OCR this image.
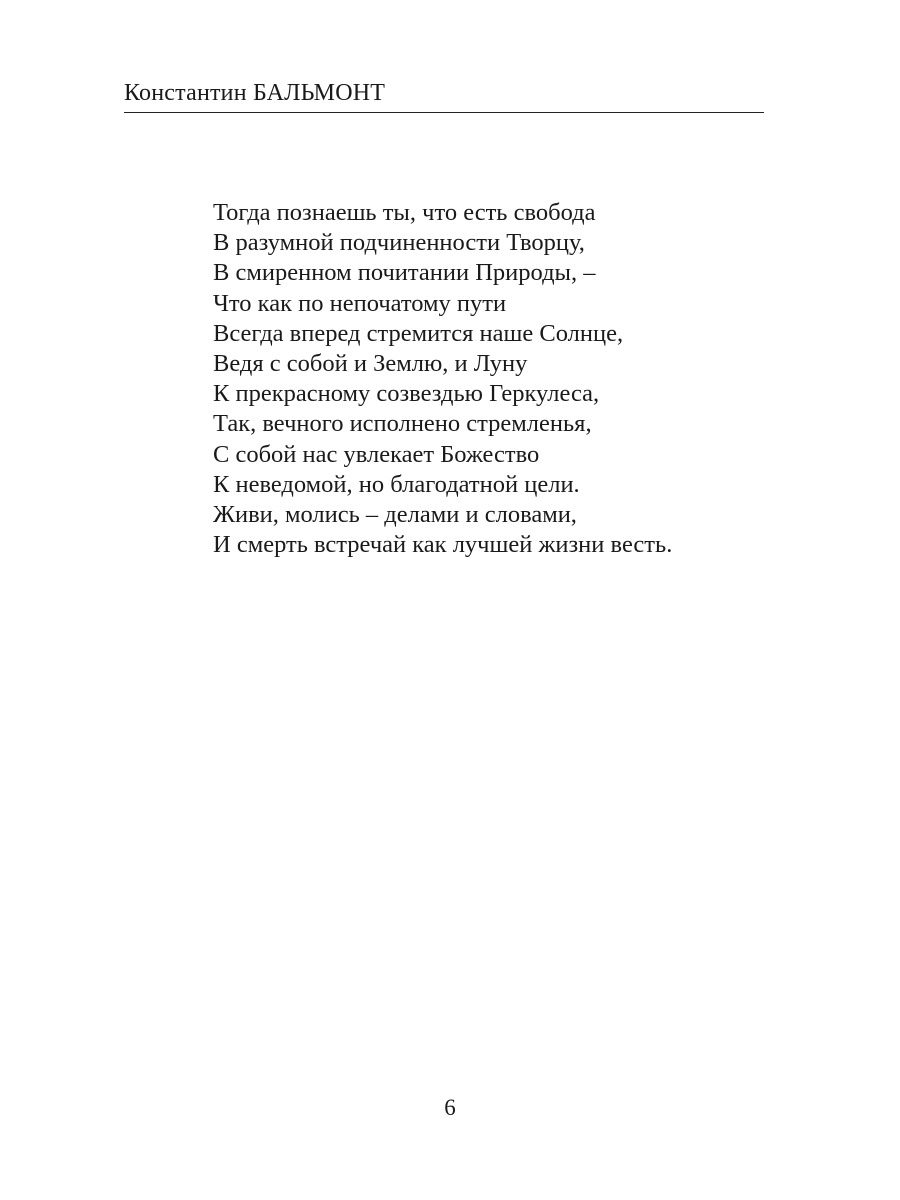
Константин БАЛЬМОНТ
Тогда познаешь ты, что есть свобода
В разумной подчиненности Творцу,
В смиренном почитании Природы, –
Что как по непочатому пути
Всегда вперед стремится наше Солнце,
Ведя с собой и Землю, и Луну
К прекрасному созвездью Геркулеса,
Так, вечного исполнено стремленья,
С собой нас увлекает Божество
К неведомой, но благодатной цели.
Живи, молись – делами и словами,
И смерть встречай как лучшей жизни весть.
6
